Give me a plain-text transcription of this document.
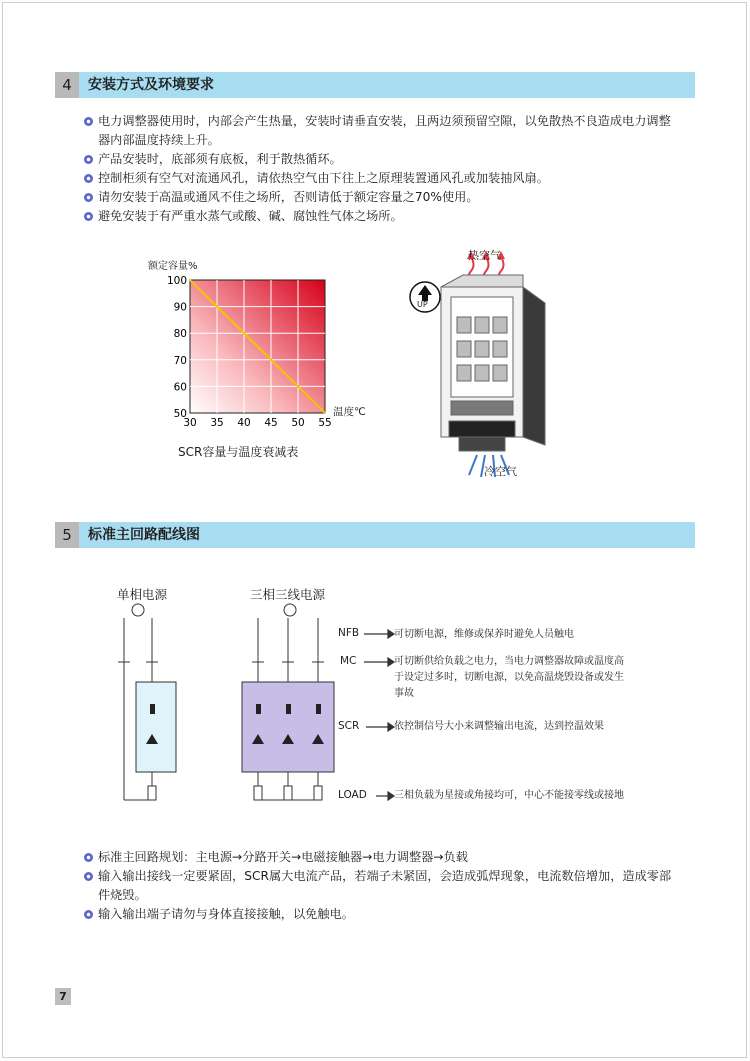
4	安装方式及环境要求
电力调整器使用时，内部会产生热量，安装时请垂直安装，且两边须预留空隙，以免散热不良造成电力调整器内部温度持续上升。
产品安装时，底部须有底板，利于散热循环。
控制柜须有空气对流通风孔，请依热空气由下往上之原理装置通风孔或加装抽风扇。
请勿安装于高温或通风不佳之场所，否则请低于额定容量之70%使用。
避免安装于有严重水蒸气或酸、碱、腐蚀性气体之场所。
额定容量%
100
90
80
70
60
50
30 35 40 45 50 55
温度℃
SCR容量与温度衰减表
热空气
UP
冷空气
5	标准主回路配线图
单相电源	三相三线电源
NFB
MC
SCR
LOAD
可切断电源，维修或保养时避免人员触电
可切断供给负载之电力，当电力调整器故障或温度高于设定过多时，切断电源，以免高温烧毁设备或发生事故
依控制信号大小来调整输出电流，达到控温效果
三相负载为星接或角接均可，中心不能接零线或接地
标准主回路规划：主电源→分路开关→电磁接触器→电力调整器→负载
输入输出接线一定要紧固，SCR属大电流产品，若端子未紧固，会造成弧焊现象，电流数倍增加，造成零部件烧毁。
输入输出端子请勿与身体直接接触，以免触电。
7
